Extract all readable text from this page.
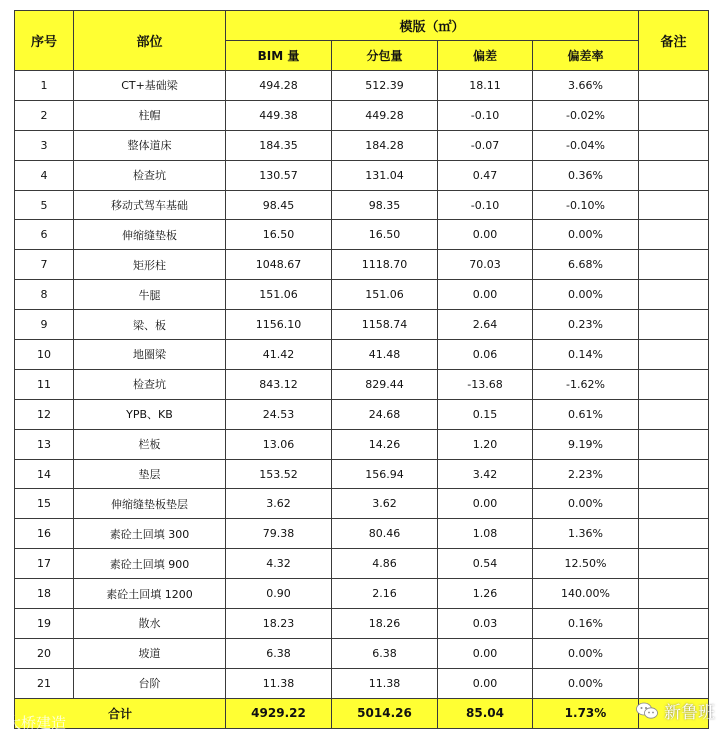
序号	部位	模版（㎡）				备注
		BIM 量	分包量	偏差	偏差率	
1	CT+基础梁	494.28	512.39	18.11	3.66%	
2	柱帽	449.38	449.28	-0.10	-0.02%	
3	整体道床	184.35	184.28	-0.07	-0.04%	
4	检查坑	130.57	131.04	0.47	0.36%	
5	移动式驾车基础	98.45	98.35	-0.10	-0.10%	
6	伸缩缝垫板	16.50	16.50	0.00	0.00%	
7	矩形柱	1048.67	1118.70	70.03	6.68%	
8	牛腿	151.06	151.06	0.00	0.00%	
9	梁、板	1156.10	1158.74	2.64	0.23%	
10	地圈梁	41.42	41.48	0.06	0.14%	
11	检查坑	843.12	829.44	-13.68	-1.62%	
12	YPB、KB	24.53	24.68	0.15	0.61%	
13	栏板	13.06	14.26	1.20	9.19%	
14	垫层	153.52	156.94	3.42	2.23%	
15	伸缩缝垫板垫层	3.62	3.62	0.00	0.00%	
16	素砼土回填 300	79.38	80.46	1.08	1.36%	
17	素砼土回填 900	4.32	4.86	0.54	12.50%	
18	素砼土回填 1200	0.90	2.16	1.26	140.00%	
19	散水	18.23	18.26	0.03	0.16%	
20	坡道	6.38	6.38	0.00	0.00%	
21	台阶	11.38	11.38	0.00	0.00%	
合计		4929.22	5014.26	85.04	1.73%	
大桥建造	新鲁班
